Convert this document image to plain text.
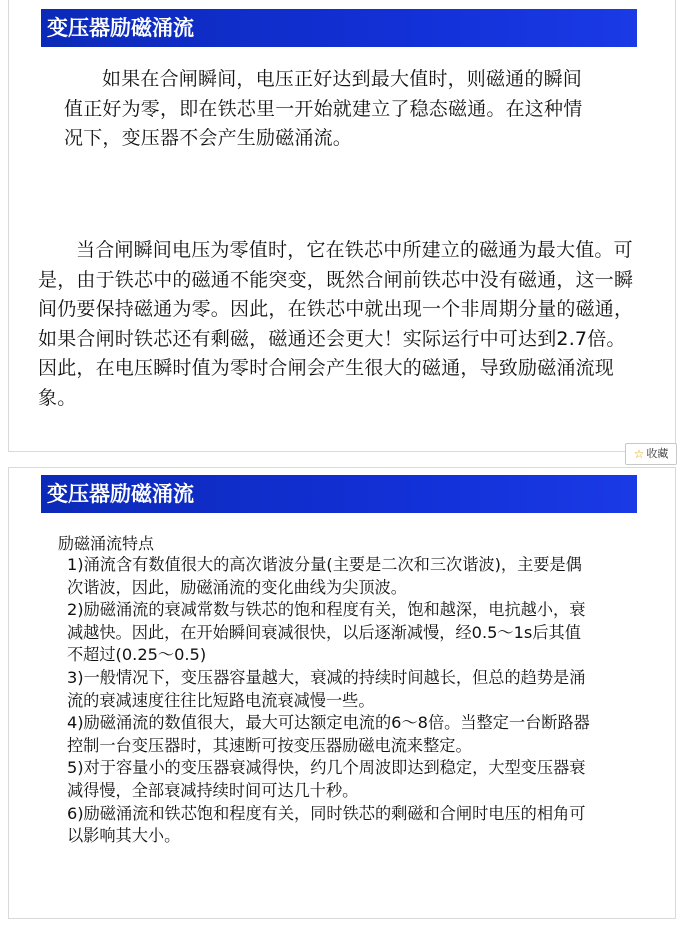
变压器励磁涌流

如果在合闸瞬间，电压正好达到最大值时，则磁通的瞬间值正好为零，即在铁芯里一开始就建立了稳态磁通。在这种情况下，变压器不会产生励磁涌流。

当合闸瞬间电压为零值时，它在铁芯中所建立的磁通为最大值。可是，由于铁芯中的磁通不能突变，既然合闸前铁芯中没有磁通，这一瞬间仍要保持磁通为零。因此，在铁芯中就出现一个非周期分量的磁通，如果合闸时铁芯还有剩磁，磁通还会更大！实际运行中可达到2.7倍。因此，在电压瞬时值为零时合闸会产生很大的磁通，导致励磁涌流现象。

☆ 收藏
变压器励磁涌流
励磁涌流特点
1)涌流含有数值很大的高次谐波分量(主要是二次和三次谐波)，主要是偶次谐波，因此，励磁涌流的变化曲线为尖顶波。
2)励磁涌流的衰减常数与铁芯的饱和程度有关，饱和越深，电抗越小，衰减越快。因此，在开始瞬间衰减很快，以后逐渐减慢，经0.5～1s后其值不超过(0.25～0.5)
3)一般情况下，变压器容量越大，衰减的持续时间越长，但总的趋势是涌流的衰减速度往往比短路电流衰减慢一些。
4)励磁涌流的数值很大，最大可达额定电流的6～8倍。当整定一台断路器控制一台变压器时，其速断可按变压器励磁电流来整定。
5)对于容量小的变压器衰减得快，约几个周波即达到稳定，大型变压器衰减得慢，全部衰减持续时间可达几十秒。
6)励磁涌流和铁芯饱和程度有关，同时铁芯的剩磁和合闸时电压的相角可以影响其大小。
